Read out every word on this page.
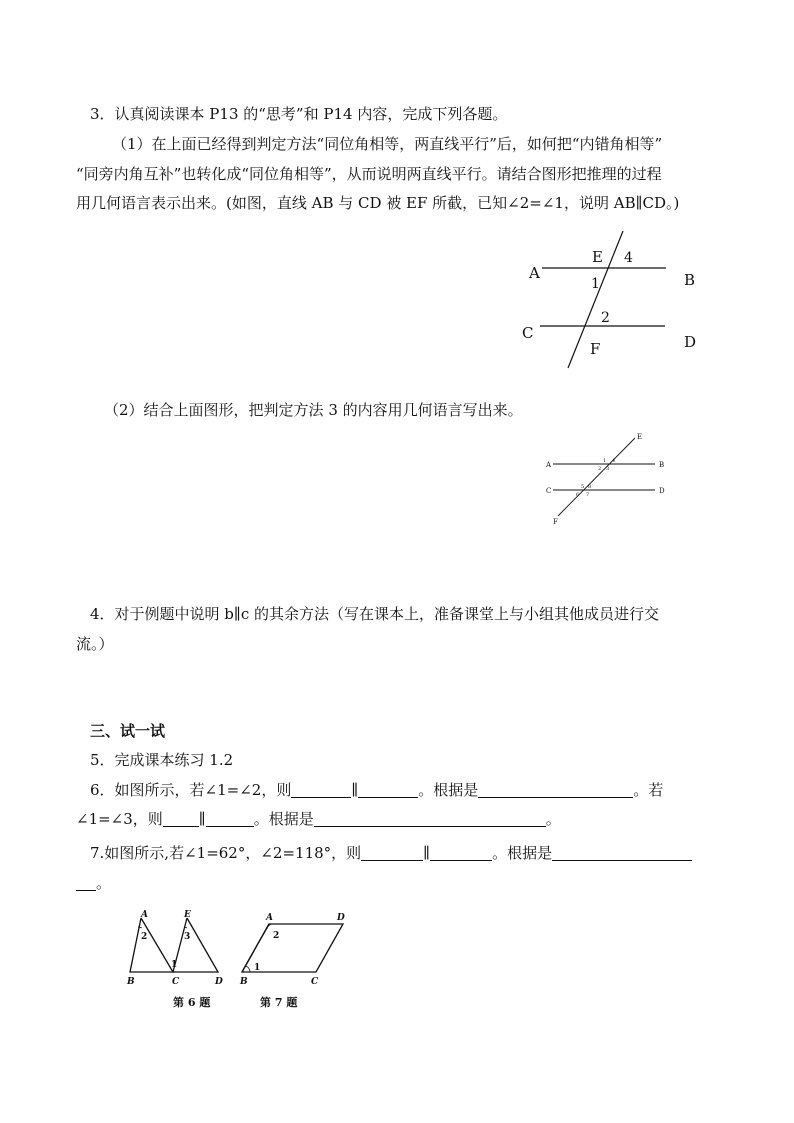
3．认真阅读课本 P13 的“思考”和 P14 内容，完成下列各题。
（1）在上面已经得到判定方法“同位角相等，两直线平行”后，如何把“内错角相等”
“同旁内角互补”也转化成“同位角相等”，从而说明两直线平行。请结合图形把推理的过程
用几何语言表示出来。(如图，直线 AB 与 CD 被 EF 所截，已知∠2=∠1，说明 AB∥CD。)
A	B
C	D
E
F
1
2
4
（2）结合上面图形，把判定方法 3 的内容用几何语言写出来。
A	B
C	D
E
F
1
2 3
4
5
6 7
8
4．对于例题中说明 b∥c 的其余方法（写在课本上，准备课堂上与小组其他成员进行交
流。）
三、试一试
5．完成课本练习 1.2
6．如图所示，若∠1=∠2，则	∥	。根据是	。若
∠1=∠3，则 ∥	。根据是	。
7.如图所示,若∠1=62°，∠2=118°，则	∥	。根据是
。
A	E
B	C	D
2	3
1
第 6 题
A	D
B	C
2
1
第 7 题
